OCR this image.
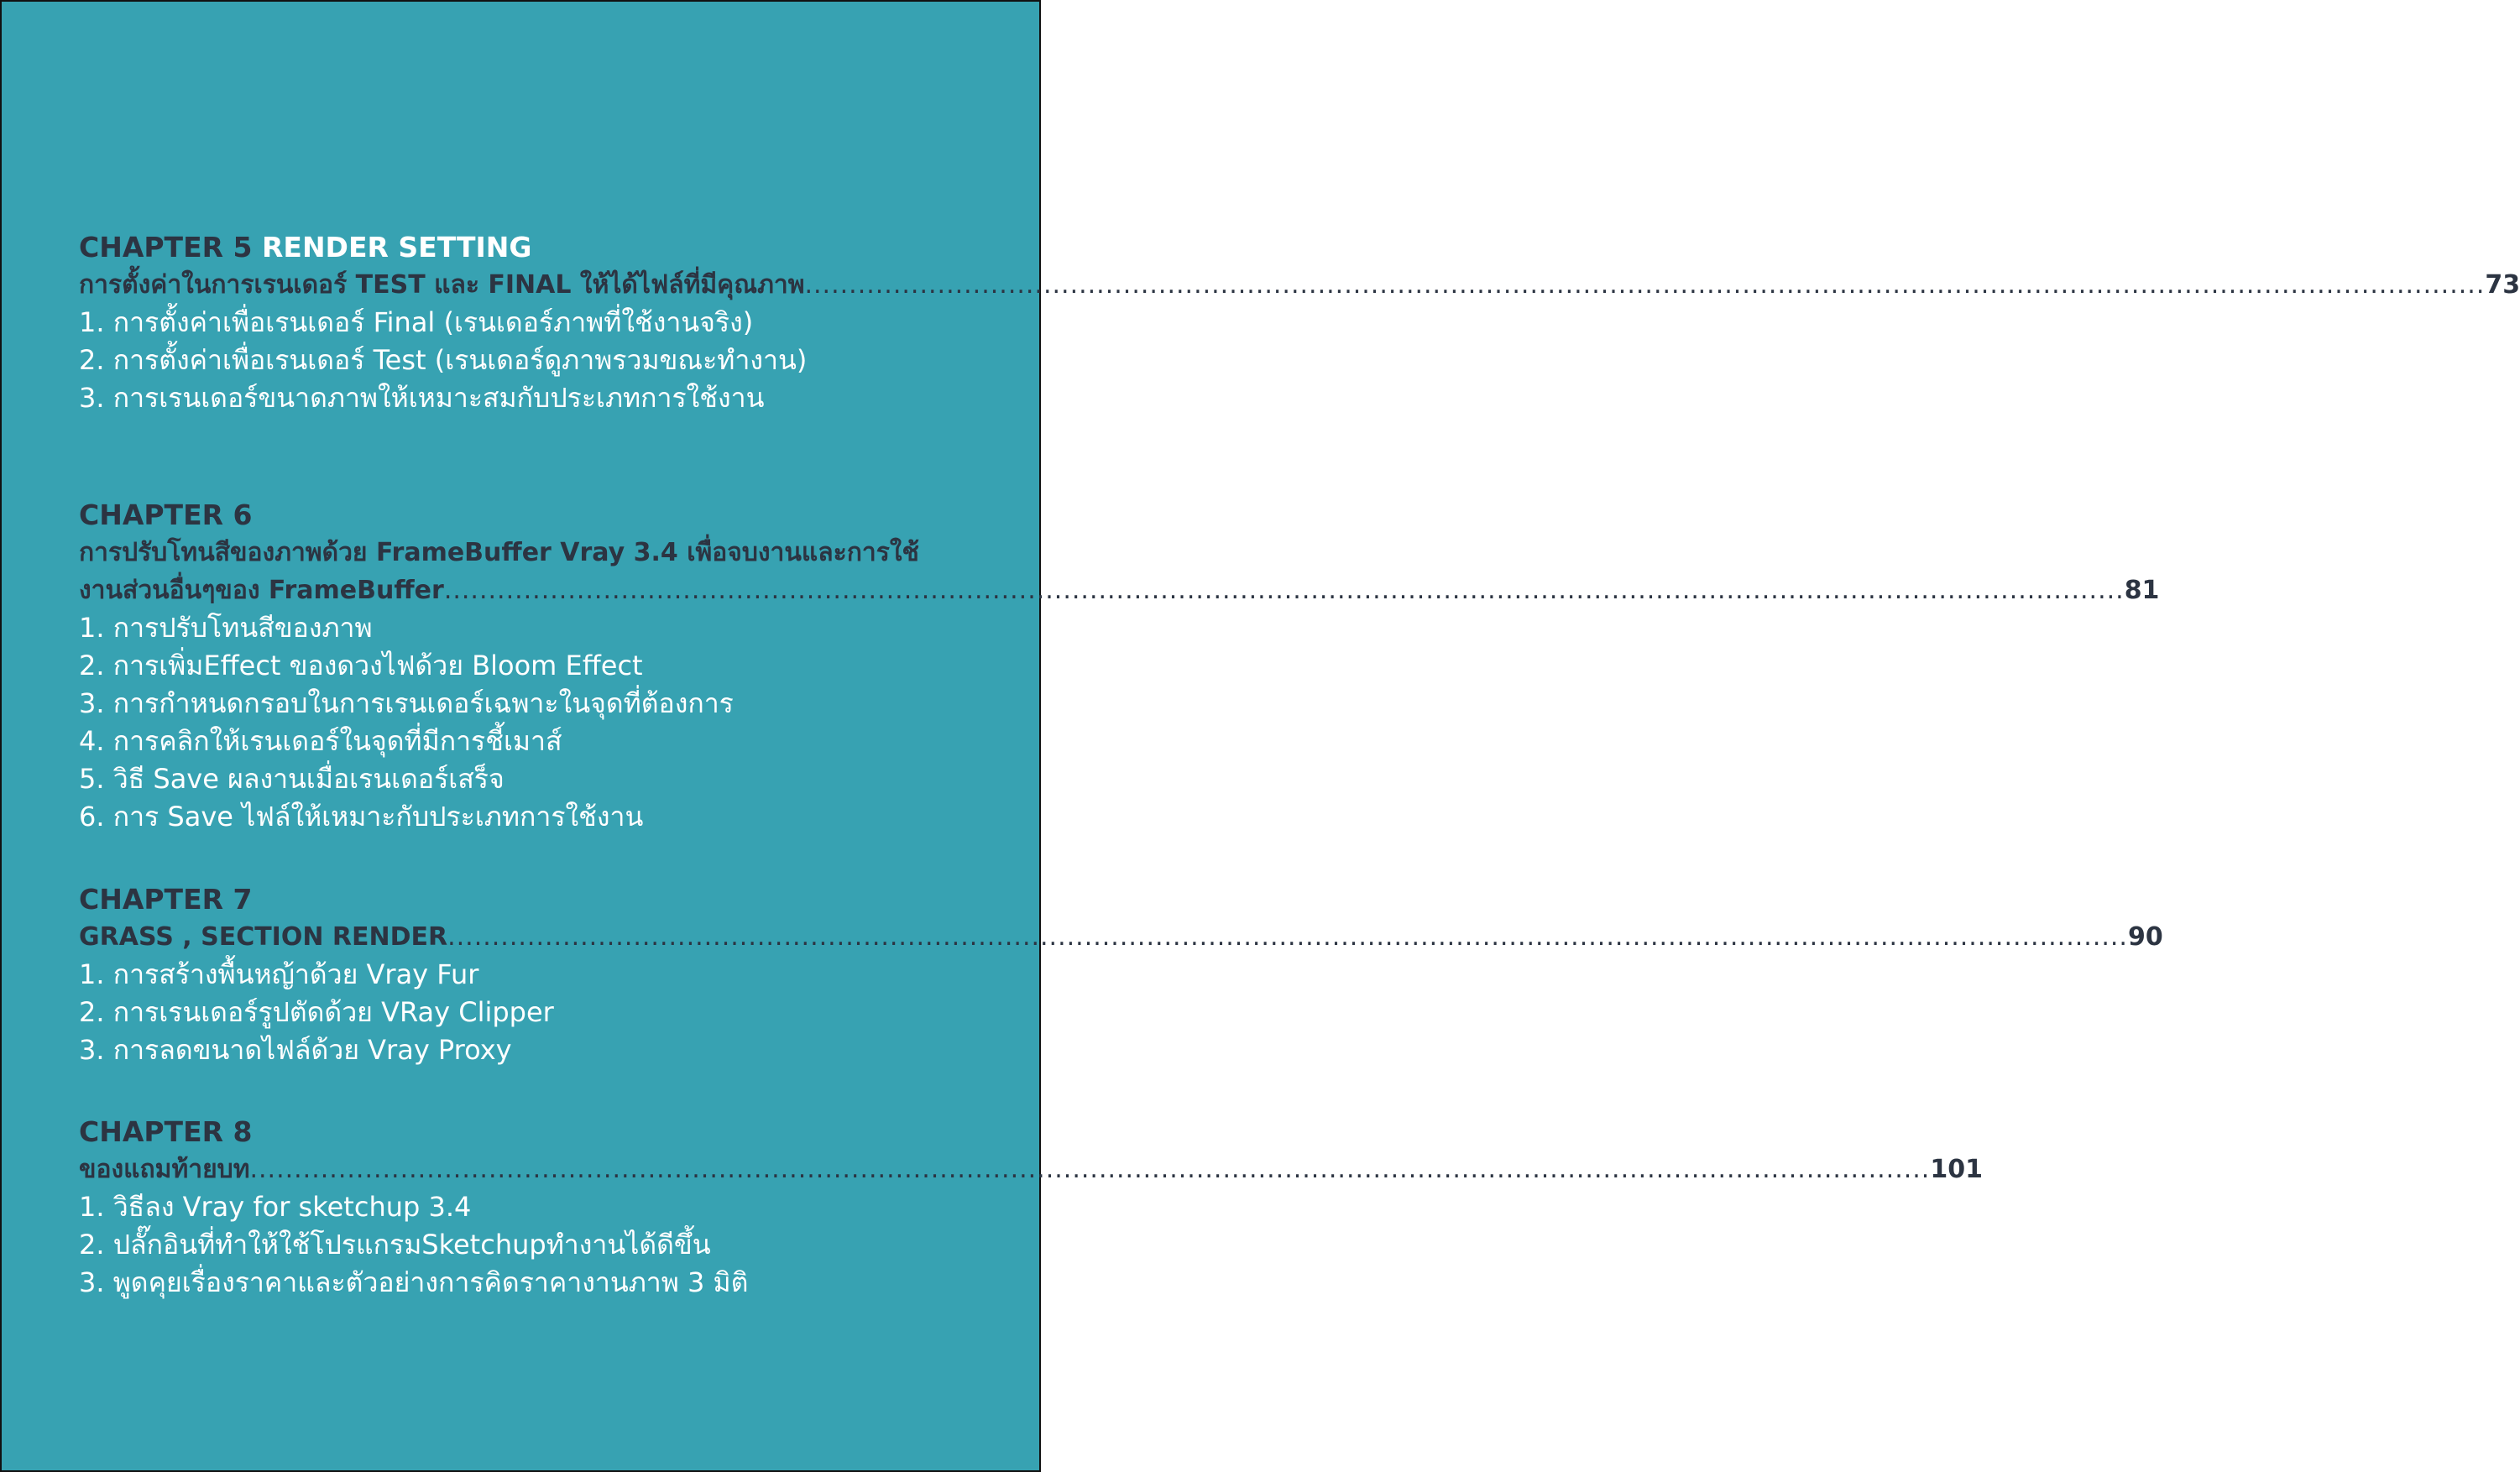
CHAPTER 5 RENDER SETTING
การตั้งค่าในการเรนเดอร์ TEST และ FINAL ให้ได้ไฟล์ที่มีคุณภาพ .............................................................................................................................................................................................. 73
1. การตั้งค่าเพื่อเรนเดอร์ Final (เรนเดอร์ภาพที่ใช้งานจริง)
2. การตั้งค่าเพื่อเรนเดอร์ Test (เรนเดอร์ดูภาพรวมขณะทำงาน)
3. การเรนเดอร์ขนาดภาพให้เหมาะสมกับประเภทการใช้งาน
CHAPTER 6
การปรับโทนสีของภาพด้วย FrameBuffer Vray 3.4 เพื่อจบงานและการใช้
งานส่วนอื่นๆของ FrameBuffer .............................................................................................................................................................................................. 81
1. การปรับโทนสีของภาพ
2. การเพิ่มEffect ของดวงไฟด้วย Bloom Effect
3. การกำหนดกรอบในการเรนเดอร์เฉพาะในจุดที่ต้องการ
4. การคลิกให้เรนเดอร์ในจุดที่มีการชี้เมาส์
5. วิธี Save ผลงานเมื่อเรนเดอร์เสร็จ
6. การ Save ไฟล์ให้เหมาะกับประเภทการใช้งาน
CHAPTER 7
GRASS , SECTION RENDER .............................................................................................................................................................................................. 90
1. การสร้างพื้นหญ้าด้วย Vray Fur
2. การเรนเดอร์รูปตัดด้วย VRay Clipper
3. การลดขนาดไฟล์ด้วย Vray Proxy
CHAPTER 8
ของแถมท้ายบท .............................................................................................................................................................................................. 101
1. วิธีลง Vray for sketchup 3.4
2. ปลั๊กอินที่ทำให้ใช้โปรแกรมSketchupทำงานได้ดีขึ้น
3. พูดคุยเรื่องราคาและตัวอย่างการคิดราคางานภาพ 3 มิติ
